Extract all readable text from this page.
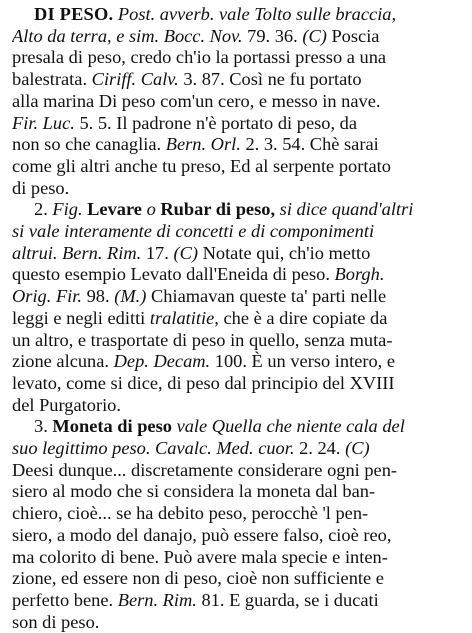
DI PESO. Post. avverb. vale Tolto sulle braccia,
Alto da terra, e sim. Bocc. Nov. 79. 36. (C) Poscia
presala di peso, credo ch'io la portassi presso a una
balestrata. Ciriff. Calv. 3. 87. Così ne fu portato
alla marina Di peso com'un cero, e messo in nave.
Fir. Luc. 5. 5. Il padrone n'è portato di peso, da
non so che canaglia. Bern. Orl. 2. 3. 54. Chè sarai
come gli altri anche tu preso, Ed al serpente portato
di peso.

2. Fig. Levare o Rubar di peso, si dice quand'altri
si vale interamente di concetti e di componimenti
altrui. Bern. Rim. 17. (C) Notate qui, ch'io metto
questo esempio Levato dall'Eneida di peso. Borgh.
Orig. Fir. 98. (M.) Chiamavan queste ta' parti nelle
leggi e negli editti tralatitie, che è a dire copiate da
un altro, e trasportate di peso in quello, senza muta-
zione alcuna. Dep. Decam. 100. È un verso intero, e
levato, come si dice, di peso dal principio del XVIII
del Purgatorio.

3. Moneta di peso vale Quella che niente cala del
suo legittimo peso. Cavalc. Med. cuor. 2. 24. (C)
Deesi dunque... discretamente considerare ogni pen-
siero al modo che si considera la moneta dal ban-
chiero, cioè... se ha debito peso, perocchè 'l pen-
siero, a modo del danajo, può essere falso, cioè reo,
ma colorito di bene. Può avere mala specie e inten-
zione, ed essere non di peso, cioè non sufficiente e
perfetto bene. Bern. Rim. 81. E guarda, se i ducati
son di peso.
